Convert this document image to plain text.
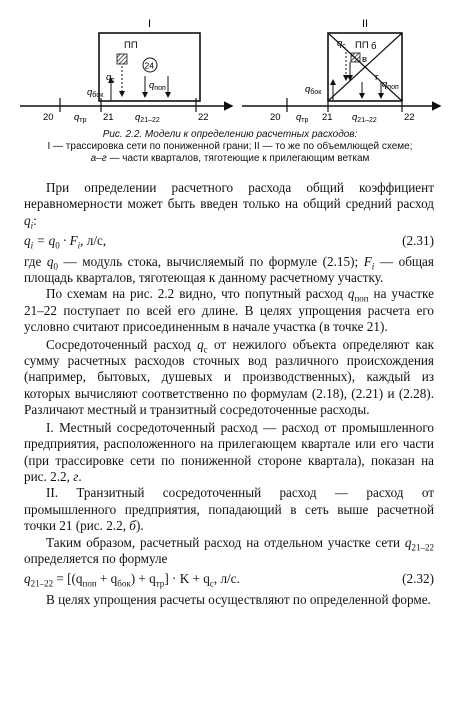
I
ПП
24
$q_c$	$q_{поп}$
$q_{бок}$
20	21	22
$q_{тр}$	$q_{21-22}$
II
ПП б
$q_c$
в
г
$q_{поп}$
$q_{бок}$
20	21	22
$q_{тр}$	$q_{21-22}$
Рис. 2.2. Модели к определению расчетных расходов:
I — трассировка сети по пониженной грани; II — то же по объемлющей схеме;
а–г — части кварталов, тяготеющие к прилегающим веткам

При определении расчетного расхода общий коэффициент неравномерности может быть введен только на общий средний расход $q_i$:

$q_i = q_0 \cdot F_i$, л/с,	(2.31)

где $q_0$ — модуль стока, вычисляемый по формуле (2.15); $F_i$ — общая площадь кварталов, тяготеющая к данному расчетному участку.

По схемам на рис. 2.2 видно, что попутный расход $q_{поп}$ на участке 21–22 поступает по всей его длине. В целях упрощения расчета его условно считают присоединенным в начале участка (в точке 21).

Сосредоточенный расход $q_c$ от нежилого объекта определяют как сумму расчетных расходов сточных вод различного происхождения (например, бытовых, душевых и производственных), каждый из которых вычисляют соответственно по формулам (2.18), (2.21) и (2.28). Различают местный и транзитный сосредоточенные расходы.

I. Местный сосредоточенный расход — расход от промышленного предприятия, расположенного на прилегающем квартале или его части (при трассировке сети по пониженной стороне квартала), показан на рис. 2.2, г.

II. Транзитный сосредоточенный расход — расход от промышленного предприятия, попадающий в сеть выше расчетной точки 21 (рис. 2.2, б).

Таким образом, расчетный расход на отдельном участке сети $q_{21-22}$ определяется по формуле

$q_{21-22} = [(q_{поп} + q_{бок}) + q_{тр}] \cdot K + q_c$, л/с.	(2.32)

В целях упрощения расчеты осуществляют по определенной форме.
